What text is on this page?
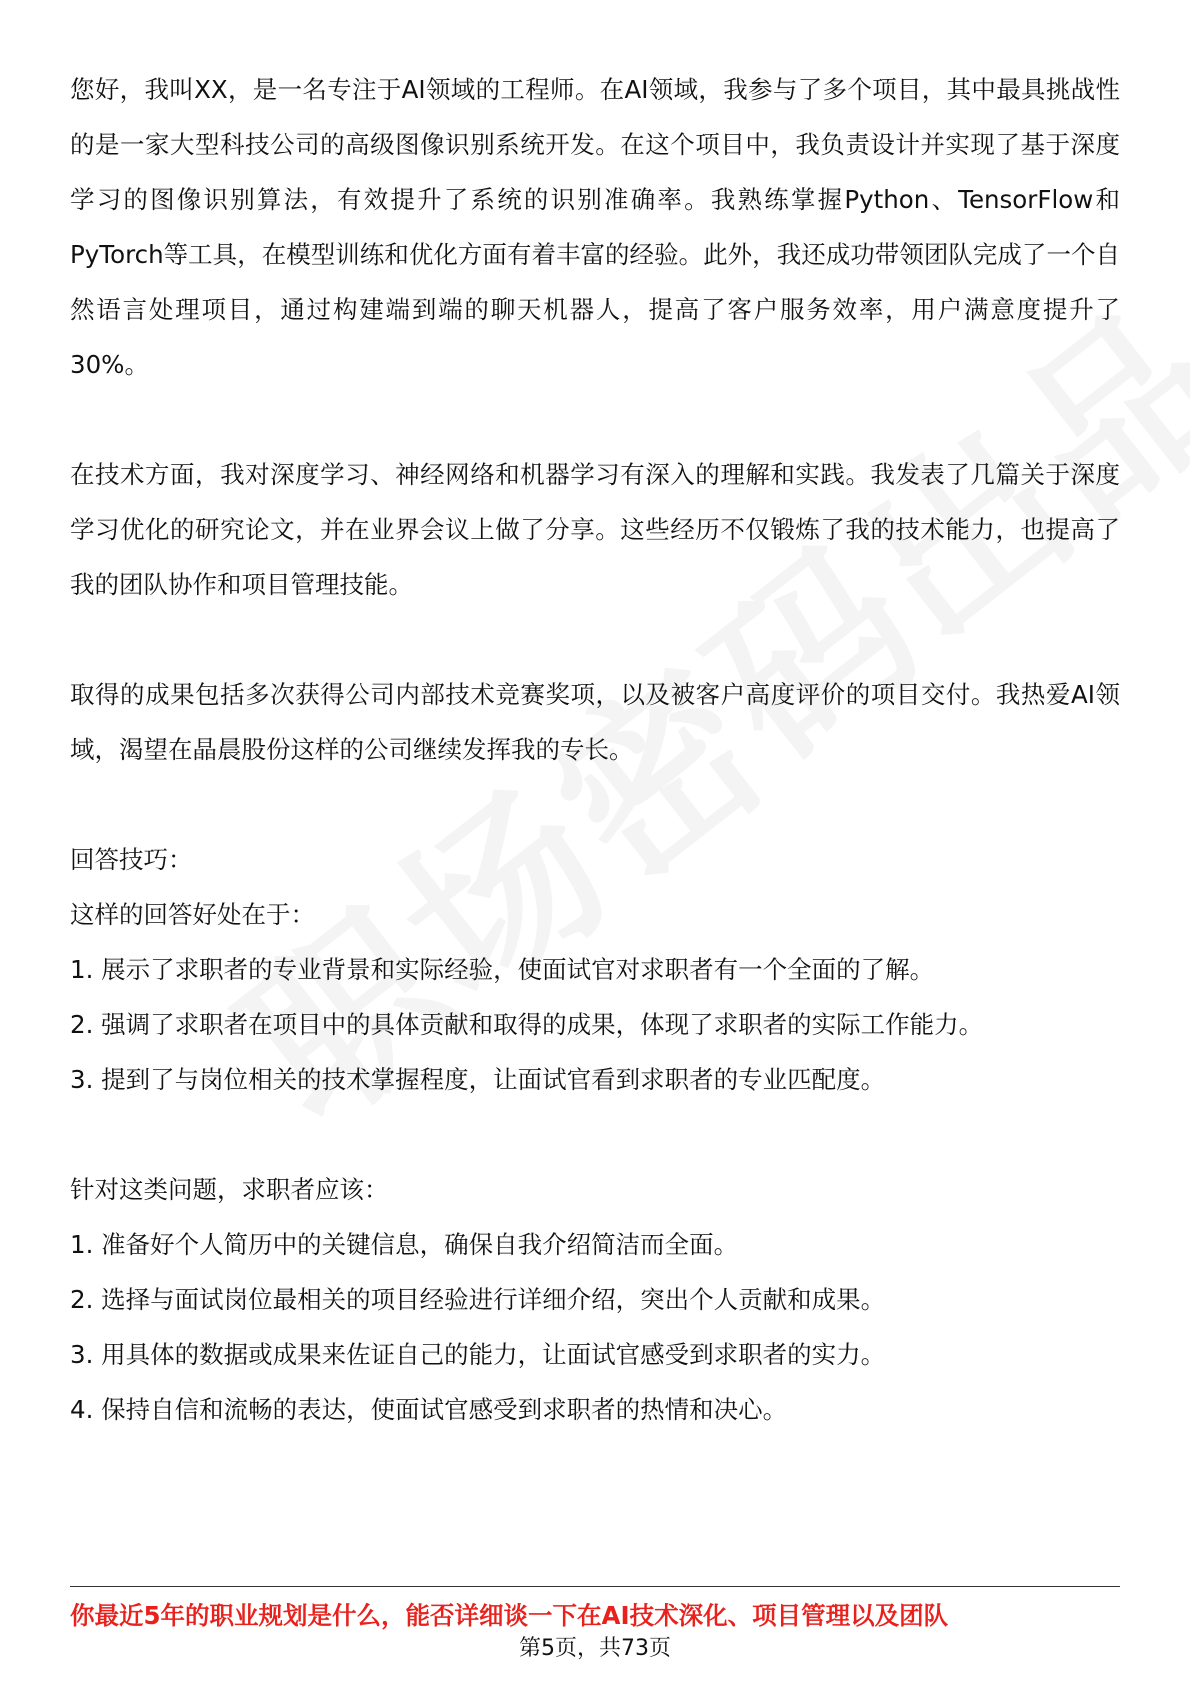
您好，我叫XX，是一名专注于AI领域的工程师。在AI领域，我参与了多个项目，其中最具挑战性的是一家大型科技公司的高级图像识别系统开发。在这个项目中，我负责设计并实现了基于深度学习的图像识别算法，有效提升了系统的识别准确率。我熟练掌握Python、TensorFlow和PyTorch等工具，在模型训练和优化方面有着丰富的经验。此外，我还成功带领团队完成了一个自然语言处理项目，通过构建端到端的聊天机器人，提高了客户服务效率，用户满意度提升了30%。

在技术方面，我对深度学习、神经网络和机器学习有深入的理解和实践。我发表了几篇关于深度学习优化的研究论文，并在业界会议上做了分享。这些经历不仅锻炼了我的技术能力，也提高了我的团队协作和项目管理技能。

取得的成果包括多次获得公司内部技术竞赛奖项，以及被客户高度评价的项目交付。我热爱AI领域，渴望在晶晨股份这样的公司继续发挥我的专长。

回答技巧：

这样的回答好处在于：

1. 展示了求职者的专业背景和实际经验，使面试官对求职者有一个全面的了解。

2. 强调了求职者在项目中的具体贡献和取得的成果，体现了求职者的实际工作能力。

3. 提到了与岗位相关的技术掌握程度，让面试官看到求职者的专业匹配度。

针对这类问题，求职者应该：

1. 准备好个人简历中的关键信息，确保自我介绍简洁而全面。

2. 选择与面试岗位最相关的项目经验进行详细介绍，突出个人贡献和成果。

3. 用具体的数据或成果来佐证自己的能力，让面试官感受到求职者的实力。

4. 保持自信和流畅的表达，使面试官感受到求职者的热情和决心。

你最近5年的职业规划是什么，能否详细谈一下在AI技术深化、项目管理以及团队
第5页，共73页
